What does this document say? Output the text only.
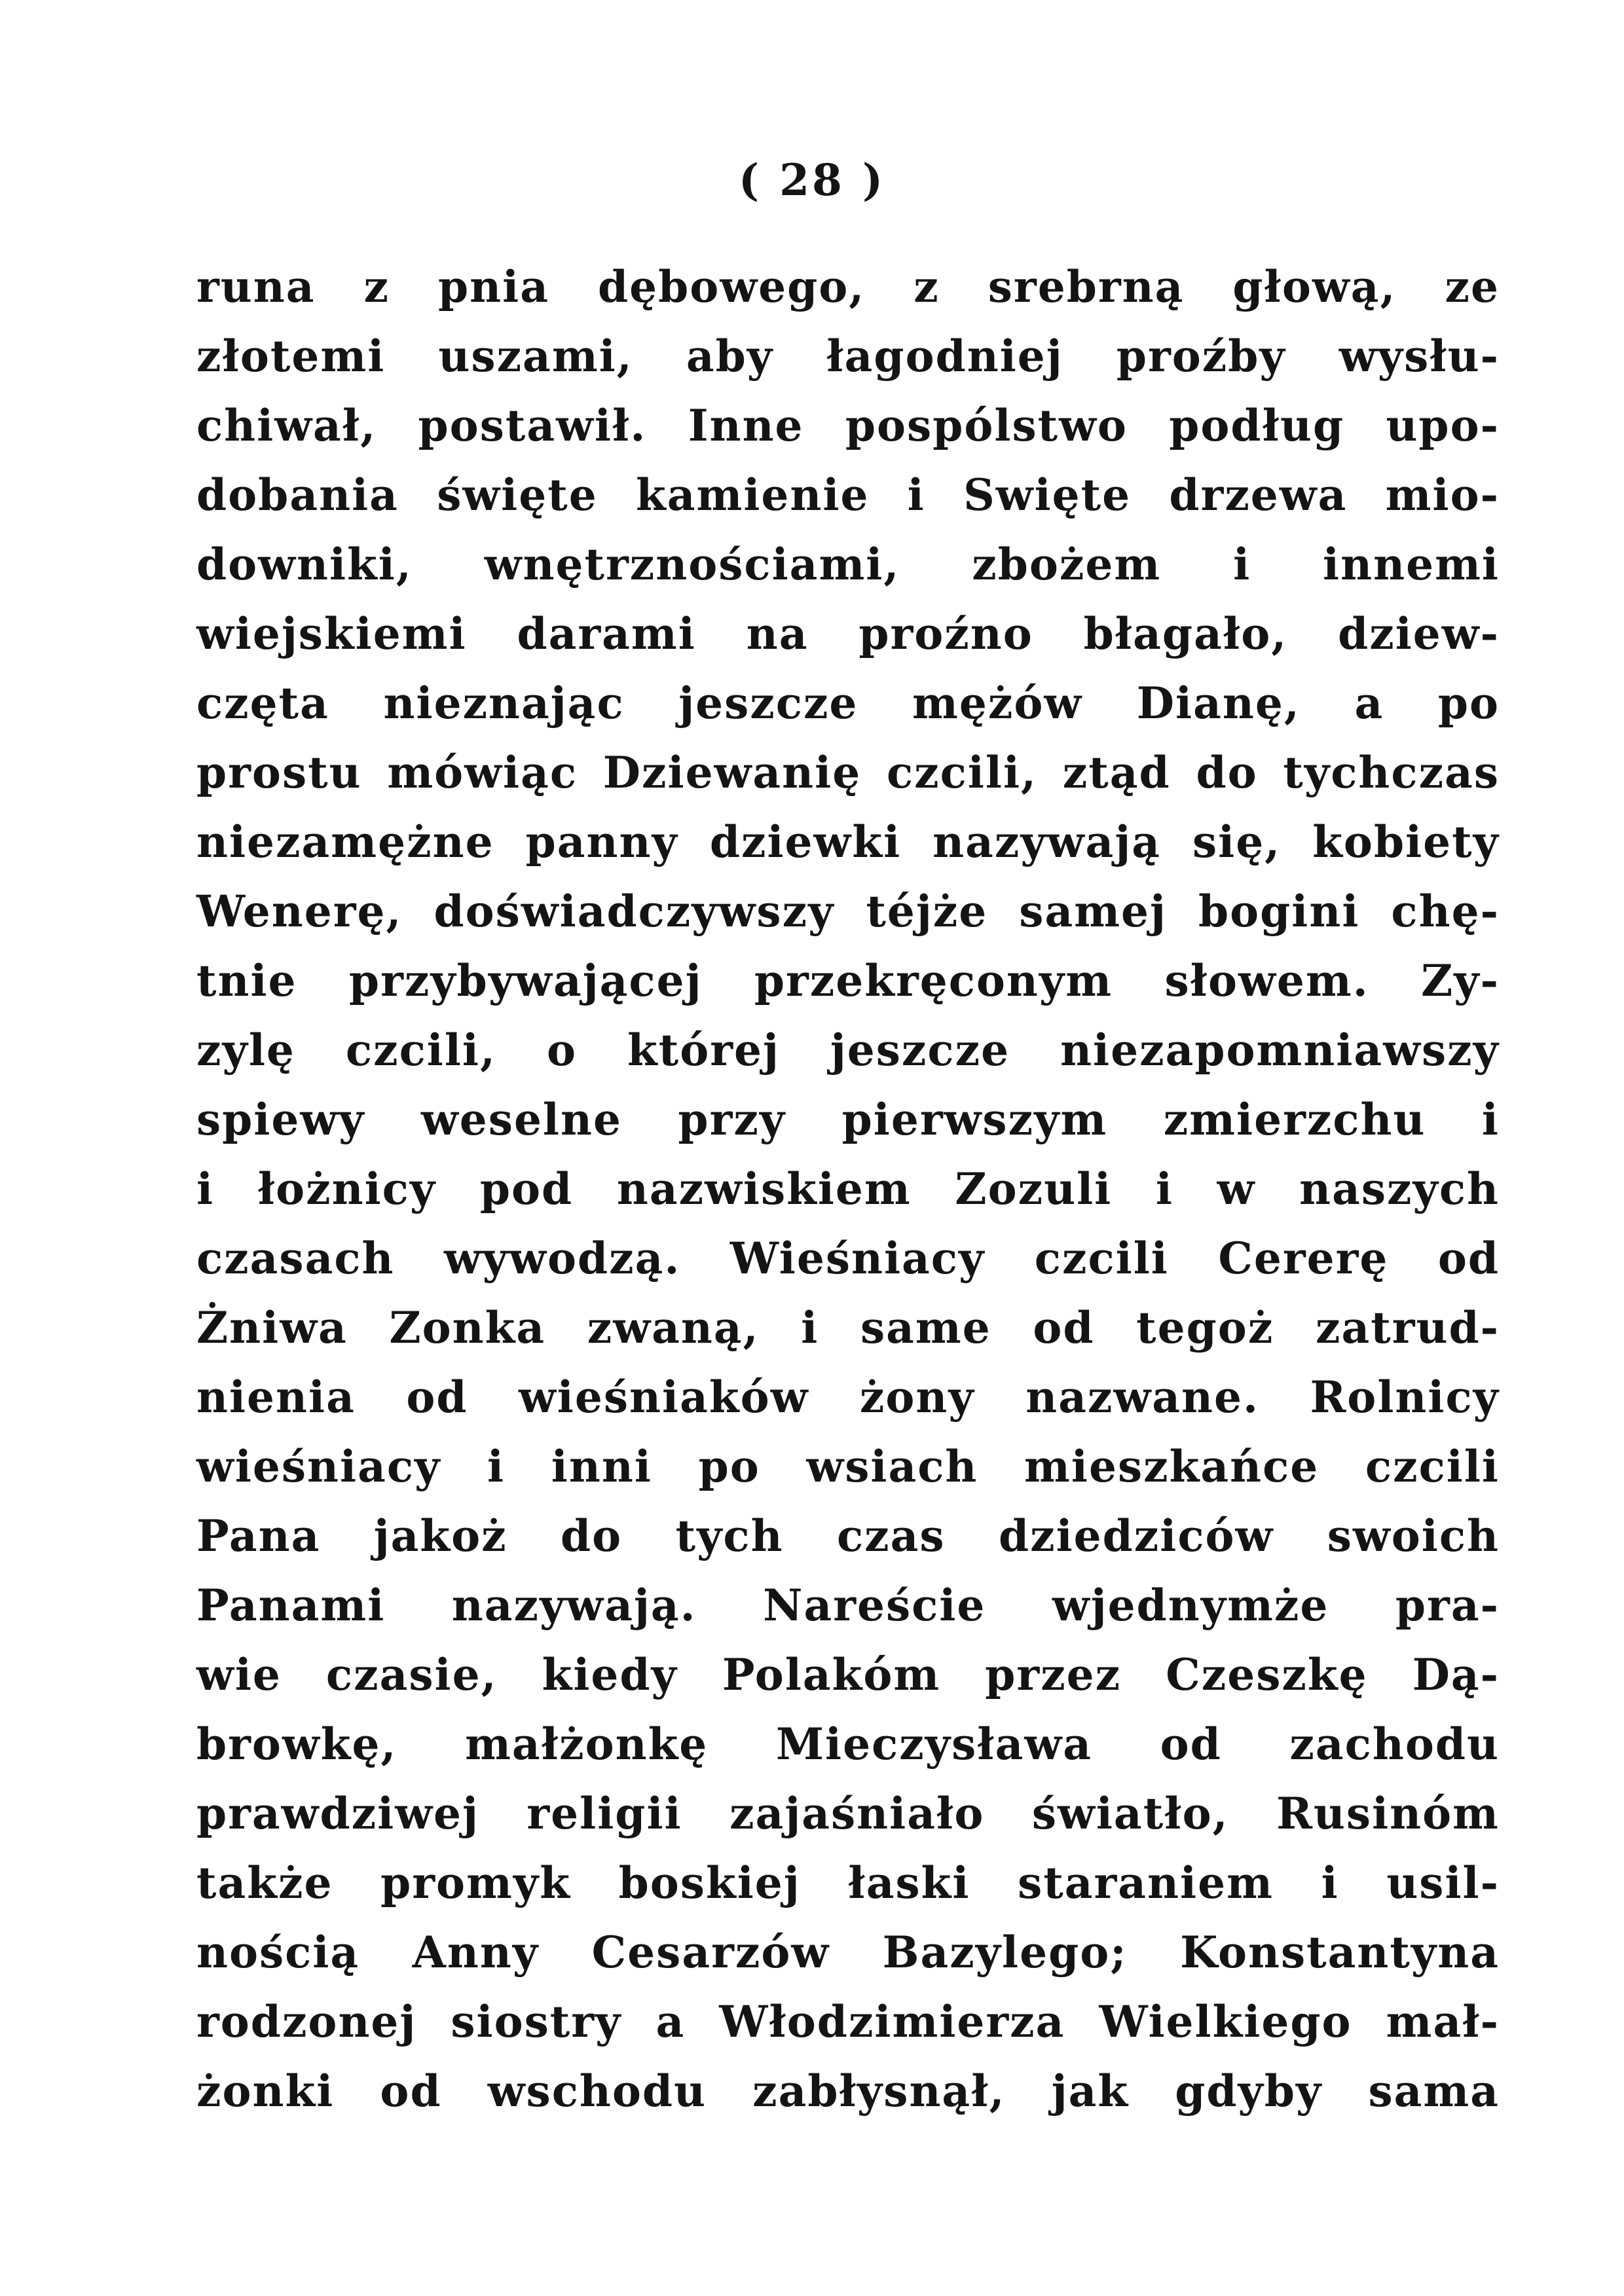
( 28 )
runa z pnia dębowego, z srebrną głową, ze
złotemi uszami, aby łagodniej proźby wysłu-
chiwał, postawił. Inne pospólstwo podług upo-
dobania święte kamienie i Swięte drzewa mio-
downiki, wnętrznościami, zbożem i innemi
wiejskiemi darami na proźno błagało, dziew-
częta nieznając jeszcze mężów Dianę, a po
prostu mówiąc Dziewanię czcili, ztąd do tychczas
niezamężne panny dziewki nazywają się, kobiety
Wenerę, doświadczywszy téjże samej bogini chę-
tnie przybywającej przekręconym słowem. Zy-
zylę czcili, o której jeszcze niezapomniawszy
spiewy weselne przy pierwszym zmierzchu i
i łożnicy pod nazwiskiem Zozuli i w naszych
czasach wywodzą. Wieśniacy czcili Cererę od
Żniwa Zonka zwaną, i same od tegoż zatrud-
nienia od wieśniaków żony nazwane. Rolnicy
wieśniacy i inni po wsiach mieszkańce czcili
Pana jakoż do tych czas dziedziców swoich
Panami nazywają. Nareście wjednymże pra-
wie czasie, kiedy Polakóm przez Czeszkę Dą-
browkę, małżonkę Mieczysława od zachodu
prawdziwej religii zajaśniało światło, Rusinóm
także promyk boskiej łaski staraniem i usil-
nością Anny Cesarzów Bazylego; Konstantyna
rodzonej siostry a Włodzimierza Wielkiego mał-
żonki od wschodu zabłysnął, jak gdyby sama
